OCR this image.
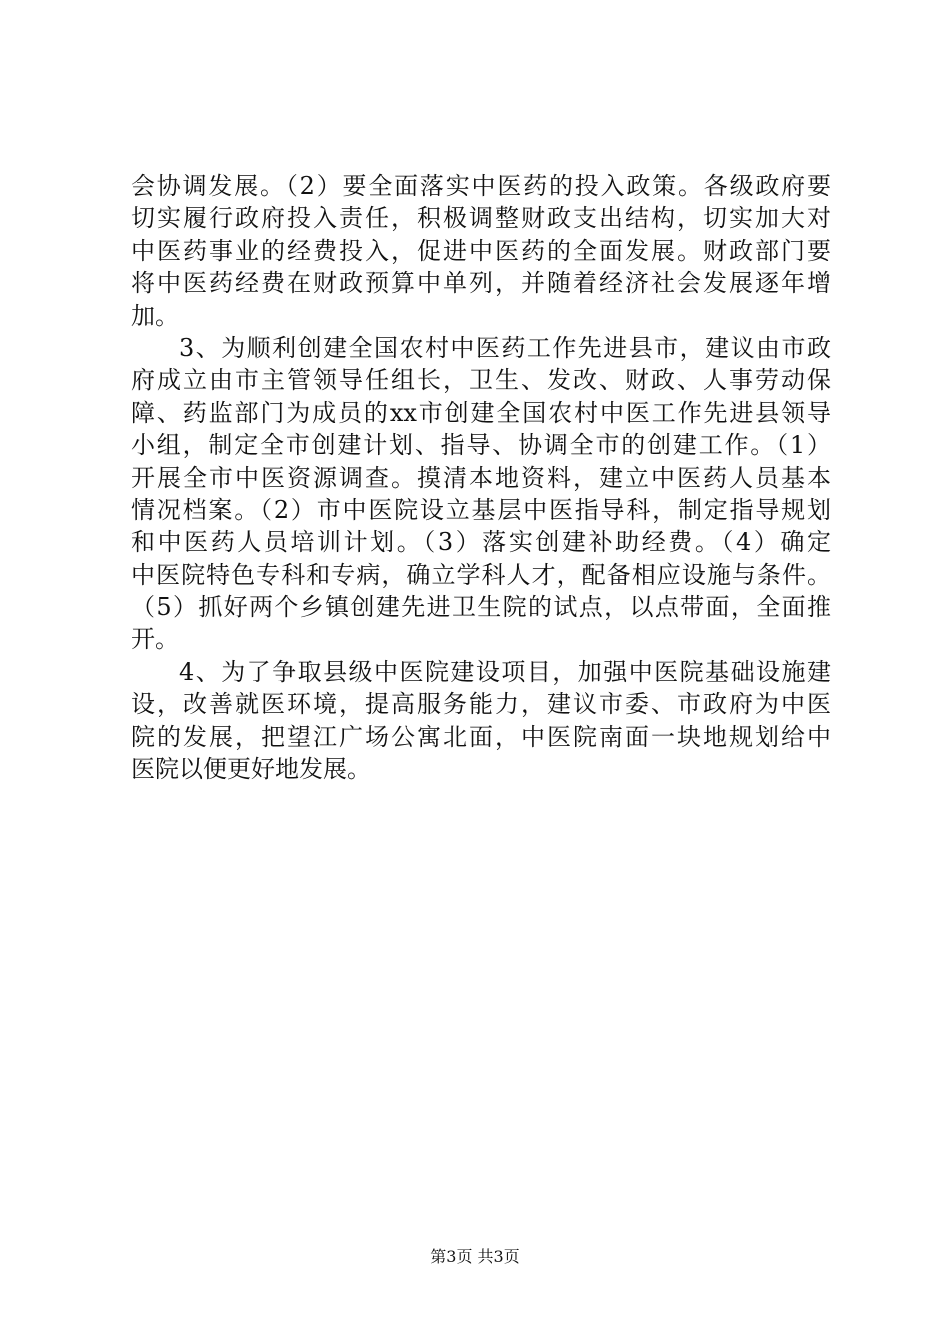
会协调发展。（2）要全面落实中医药的投入政策。各级政府要
切实履行政府投入责任，积极调整财政支出结构，切实加大对
中医药事业的经费投入，促进中医药的全面发展。财政部门要
将中医药经费在财政预算中单列，并随着经济社会发展逐年增
加。
3、为顺利创建全国农村中医药工作先进县市，建议由市政
府成立由市主管领导任组长，卫生、发改、财政、人事劳动保
障、药监部门为成员的xx市创建全国农村中医工作先进县领导
小组，制定全市创建计划、指导、协调全市的创建工作。（1）
开展全市中医资源调查。摸清本地资料，建立中医药人员基本
情况档案。（2）市中医院设立基层中医指导科，制定指导规划
和中医药人员培训计划。（3）落实创建补助经费。（4）确定
中医院特色专科和专病，确立学科人才，配备相应设施与条件。
（5）抓好两个乡镇创建先进卫生院的试点，以点带面，全面推
开。
4、为了争取县级中医院建设项目，加强中医院基础设施建
设，改善就医环境，提高服务能力，建议市委、市政府为中医
院的发展，把望江广场公寓北面，中医院南面一块地规划给中
医院以便更好地发展。
第3页 共3页
